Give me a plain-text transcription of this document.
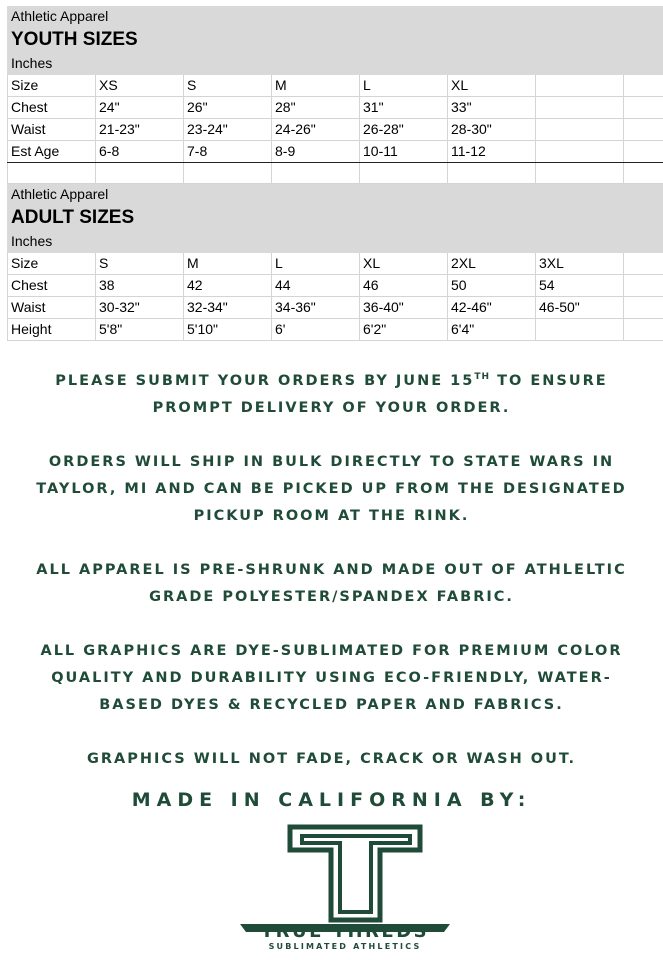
Athletic Apparel							
YOUTH SIZES							
Inches							
Size	XS	S	M	L	XL		
Chest	24"	26"	28"	31"	33"		
Waist	21-23"	23-24"	24-26"	26-28"	28-30"		
Est Age	6-8	7-8	8-9	10-11	11-12		

Athletic Apparel							
ADULT SIZES							
Inches							
Size	S	M	L	XL	2XL	3XL	
Chest	38	42	44	46	50	54	
Waist	30-32"	32-34"	34-36"	36-40"	42-46"	46-50"	
Height	5'8"	5'10"	6'	6'2"	6'4"		

PLEASE SUBMIT YOUR ORDERS BY JUNE 15TH TO ENSURE PROMPT DELIVERY OF YOUR ORDER.

ORDERS WILL SHIP IN BULK DIRECTLY TO STATE WARS IN TAYLOR, MI AND CAN BE PICKED UP FROM THE DESIGNATED PICKUP ROOM AT THE RINK.

ALL APPAREL IS PRE-SHRUNK AND MADE OUT OF ATHLELTIC GRADE POLYESTER/SPANDEX FABRIC.

ALL GRAPHICS ARE DYE-SUBLIMATED FOR PREMIUM COLOR QUALITY AND DURABILITY USING ECO-FRIENDLY, WATER-BASED DYES & RECYCLED PAPER AND FABRICS.

GRAPHICS WILL NOT FADE, CRACK OR WASH OUT.

MADE IN CALIFORNIA BY:
TRUE THREDS
SUBLIMATED ATHLETICS
